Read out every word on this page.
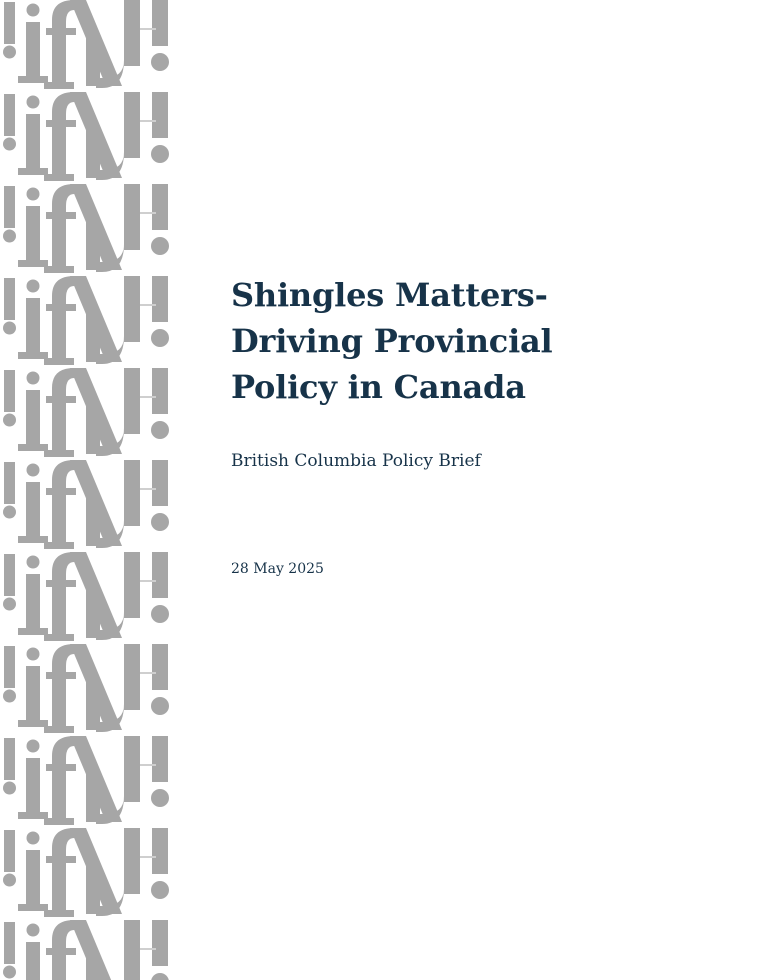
Shingles Matters-
Driving Provincial
Policy in Canada

British Columbia Policy Brief

28 May 2025
